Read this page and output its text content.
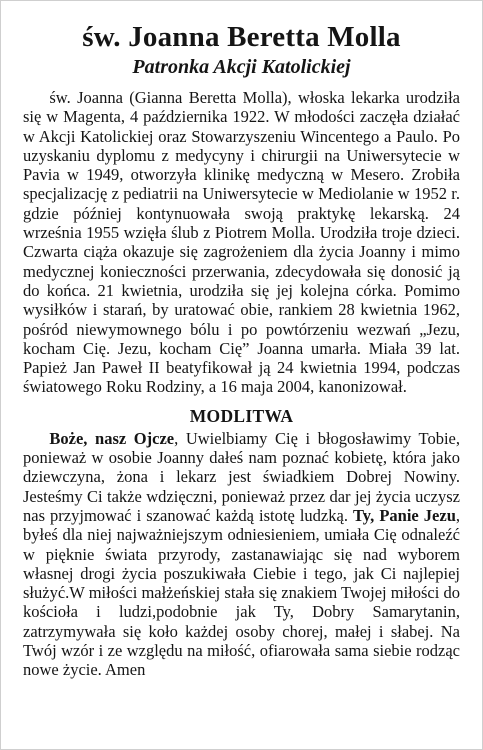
św. Joanna Beretta Molla
Patronka Akcji Katolickiej

św. Joanna (Gianna Beretta Molla), włoska lekarka urodziła się w Magenta, 4 października 1922. W młodości zaczęła działać w Akcji Katolickiej oraz Stowarzyszeniu Wincentego a Paulo. Po uzyskaniu dyplomu z medycyny i chirurgii na Uniwersytecie w Pavia w 1949, otworzyła klinikę medyczną w Mesero. Zrobiła specjalizację z pediatrii na Uniwersytecie w Mediolanie w 1952 r. gdzie później kontynuowała swoją praktykę lekarską. 24 września 1955 wzięła ślub z Piotrem Molla. Urodziła troje dzieci. Czwarta ciąża okazuje się zagrożeniem dla życia Joanny i mimo medycznej konieczności przerwania, zdecydowała się donosić ją do końca. 21 kwietnia, urodziła się jej kolejna córka. Pomimo wysiłków i starań, by uratować obie, rankiem 28 kwietnia 1962, pośród niewymownego bólu i po powtórzeniu wezwań „Jezu, kocham Cię. Jezu, kocham Cię” Joanna umarła. Miała 39 lat. Papież Jan Paweł II beatyfikował ją 24 kwietnia 1994, podczas światowego Roku Rodziny, a 16 maja 2004, kanonizował.

MODLITWA

Boże, nasz Ojcze, Uwielbiamy Cię i błogosławimy Tobie, ponieważ w osobie Joanny dałeś nam poznać kobietę, która jako dziewczyna, żona i lekarz jest świadkiem Dobrej Nowiny. Jesteśmy Ci także wdzięczni, ponieważ przez dar jej życia uczysz nas przyjmować i szanować każdą istotę ludzką. Ty, Panie Jezu, byłeś dla niej najważniejszym odniesieniem, umiała Cię odnaleźć w pięknie świata przyrody, zastanawiając się nad wyborem własnej drogi życia poszukiwała Ciebie i tego, jak Ci najlepiej służyć.W miłości małżeńskiej stała się znakiem Twojej miłości do kościoła i ludzi,podobnie jak Ty, Dobry Samarytanin, zatrzymywała się koło każdej osoby chorej, małej i słabej. Na Twój wzór i ze względu na miłość, ofiarowała sama siebie rodząc nowe życie. Amen
